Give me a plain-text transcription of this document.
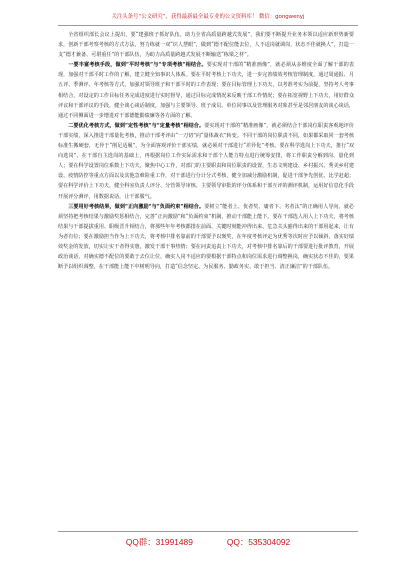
关注头条号“公文研究”，获得最新最全最专业的公文资料库！ 微信：gongwenyj

全省组织部长会议上提出，要“建强班子抓好队伍，助力全省高质量跨越式发展”，我们要不断提升业务本领以适应新形势新要求，创新干部考察考核的方式方法，努力练就一双“识人慧眼”，做到“德不配位能去位，人不适岗就调岗，状态不佳就换人”，打造一支“德才兼备、可堪重任”的干部队伍，为助力高质量跨越式发展不断输送“栋梁之材”。

一要丰富考核手段，做到“平时考核”与“专项考核”相结合。要实现对干部的“精准画像”，就必须从多维度全面了解干部的表现，加强对干部平时工作的了解，建立健全知事识人体系。要在平时考核上下功夫，进一步完善绩效考核管理制度，通过周通报、月五评、季测评、年考核等方式，加强对领导班子和干部平时的工作表现；要在目标管理上下功夫，以考准考实为前提，坚持考人考事相结合，对设定的工作目标任务完成进度进行实时督导，通过目标完成情况来反映干部工作情况；要在拓宽视野上下功夫，用好群众评议和干部评议的手段，健全谈心谈话制度，加强与主要领导、班子成员、单位同事以及管理服务对象甚至是邻居朋友的谈心谈话，通过不同侧面进一步增进对干部德能勤绩廉等各方面的了解。

二要优化考核方式，做到“定性考核”与“定量考核”相结合。要实现对干部的“精准画像”，就必须结合干部岗位职责客观地评价干部实绩，深入推进干部量化考核，推动干部考评由“一刀切”向“量体裁衣”转变。不同干部的岗位职责不同，如果都采取同一套考核标准生搬硬套，无异于“削足适履”，为全面客观评价干部实绩，就必须对干部进行“差异化”考核。要在科学选岗上下功夫，推行“双向选岗”，在干部自主选岗的基础上，再根据岗位工作实际需求和干部个人能力特点进行统筹安排，将工作职责分解到岗、量化到人；要在科学设置岗位系数上下功夫，聚焦中心工作，对部门的主要职责和岗位职责的设置，生态文明建设、乡村振兴、秀美乡村建设、疫情防控等重点方面以及其他急难险重工作，对干部进行分计分式考核，健全加减分激励机制，促进干部争先创优、比学赶超；要在科学评价上下功夫，健全科室负责人评分、分管领导审核、主要领导审批的评分体系和干部互评的测评机制，运用好信息化手段开展评分测评，用数据说话，让干部服气。

三要用好考核结果，做到“正向激励”与“负面约束”相结合。要树立“能者上、优者奖、庸者下、劣者汰”的正确用人导向，就必须坚持把考核结果与激励奖惩相结合，完善“正向激励”和“负面约束”机制，推动干部能上能下。要在干部选人用人上下功夫，将考核结果与干部提拔重用、职级晋升相结合，将那些年年考核都排在前面、关键时刻能冲得出来、危急关头豁得出来的干部用起来，让有为者有位；要在激励担当作为上下功夫，将考核中排名靠前的干部要予以褒奖，在年度考核评定为优秀等次时应予以倾斜，落实好绩效奖金的发放，切实让实干者得实惠，激发干部干事热情；要在问责追责上下功夫，对考核中排名靠后的干部要进行批评教育，开展政治谈话，对确实德不配位的要敢于去位让位，确实人岗不适应的要根据干部特点和岗位需求进行调整换岗，确实状态不佳的，要果断予以组织调整，在干部能上能下中树明导向，打造“信念坚定、为民服务、勤政务实、敢于担当、清正廉洁”的干部队伍。

QQ群：31991489	QQ：535304092
